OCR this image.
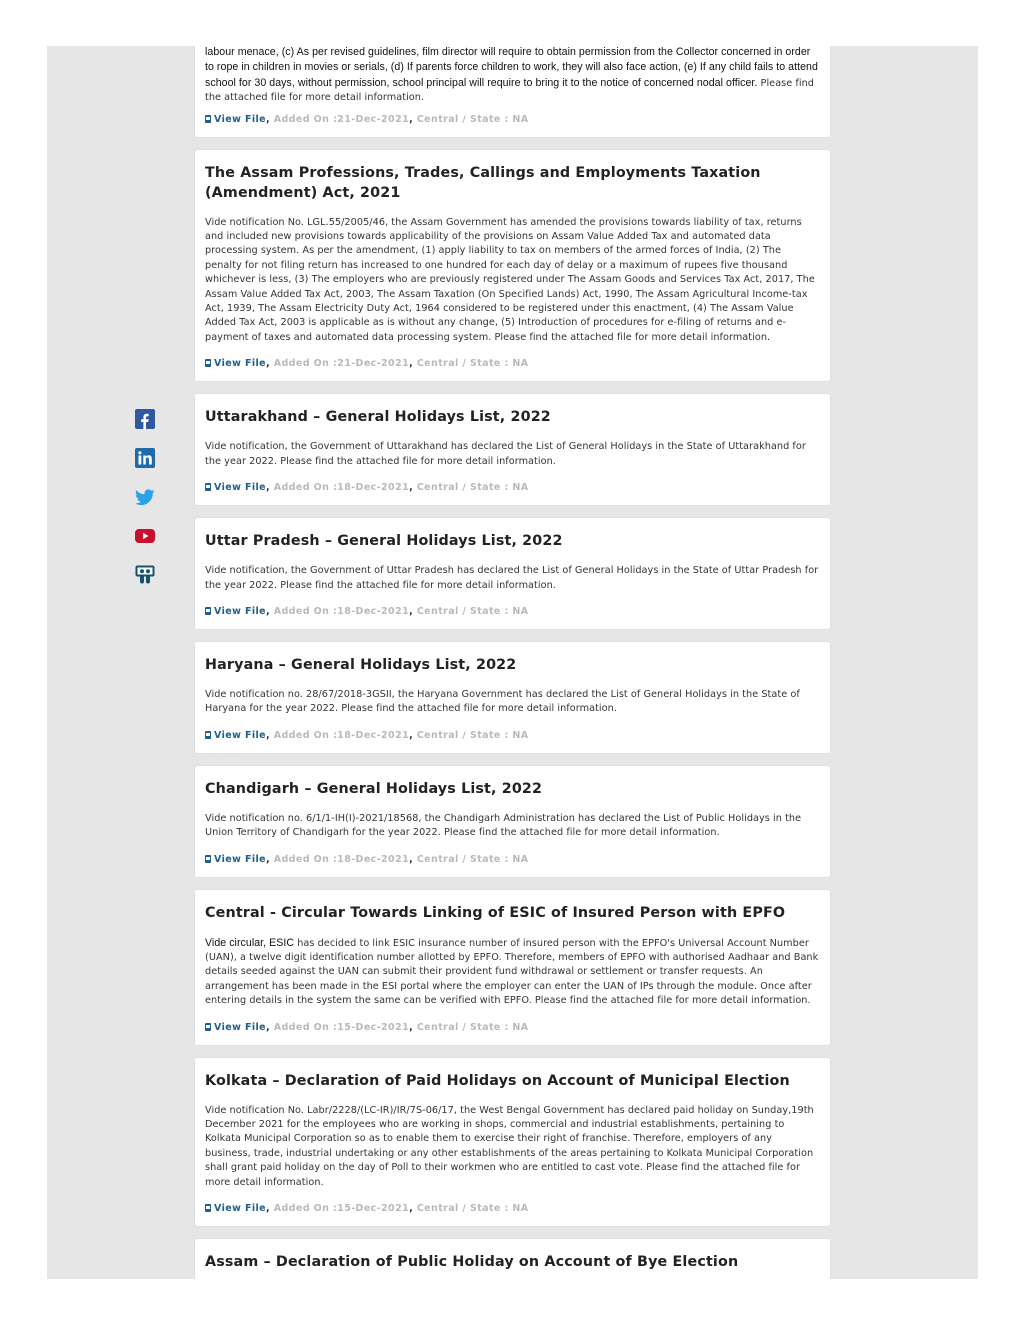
labour menace, (c) As per revised guidelines, film director will require to obtain permission from the Collector concerned in order to rope in children in movies or serials, (d) If parents force children to work, they will also face action, (e) If any child fails to attend school for 30 days, without permission, school principal will require to bring it to the notice of concerned nodal officer. Please find the attached file for more detail information.

View File, Added On :21-Dec-2021, Central / State : NA
The Assam Professions, Trades, Callings and Employments Taxation (Amendment) Act, 2021

Vide notification No. LGL.55/2005/46, the Assam Government has amended the provisions towards liability of tax, returns and included new provisions towards applicability of the provisions on Assam Value Added Tax and automated data processing system. As per the amendment, (1) apply liability to tax on members of the armed forces of India, (2) The penalty for not filing return has increased to one hundred for each day of delay or a maximum of rupees five thousand whichever is less, (3) The employers who are previously registered under The Assam Goods and Services Tax Act, 2017, The Assam Value Added Tax Act, 2003, The Assam Taxation (On Specified Lands) Act, 1990, The Assam Agricultural Income-tax Act, 1939, The Assam Electricity Duty Act, 1964 considered to be registered under this enactment, (4) The Assam Value Added Tax Act, 2003 is applicable as is without any change, (5) Introduction of procedures for e-filing of returns and e-payment of taxes and automated data processing system. Please find the attached file for more detail information.

View File, Added On :21-Dec-2021, Central / State : NA
Uttarakhand – General Holidays List, 2022

Vide notification, the Government of Uttarakhand has declared the List of General Holidays in the State of Uttarakhand for the year 2022. Please find the attached file for more detail information.

View File, Added On :18-Dec-2021, Central / State : NA
Uttar Pradesh – General Holidays List, 2022

Vide notification, the Government of Uttar Pradesh has declared the List of General Holidays in the State of Uttar Pradesh for the year 2022. Please find the attached file for more detail information.

View File, Added On :18-Dec-2021, Central / State : NA
Haryana – General Holidays List, 2022

Vide notification no. 28/67/2018-3GSII, the Haryana Government has declared the List of General Holidays in the State of Haryana for the year 2022. Please find the attached file for more detail information.

View File, Added On :18-Dec-2021, Central / State : NA
Chandigarh – General Holidays List, 2022

Vide notification no. 6/1/1-IH(I)-2021/18568, the Chandigarh Administration has declared the List of Public Holidays in the Union Territory of Chandigarh for the year 2022. Please find the attached file for more detail information.

View File, Added On :18-Dec-2021, Central / State : NA
Central - Circular Towards Linking of ESIC of Insured Person with EPFO

Vide circular, ESIC has decided to link ESIC insurance number of insured person with the EPFO's Universal Account Number (UAN), a twelve digit identification number allotted by EPFO. Therefore, members of EPFO with authorised Aadhaar and Bank details seeded against the UAN can submit their provident fund withdrawal or settlement or transfer requests. An arrangement has been made in the ESI portal where the employer can enter the UAN of IPs through the module. Once after entering details in the system the same can be verified with EPFO. Please find the attached file for more detail information.

View File, Added On :15-Dec-2021, Central / State : NA
Kolkata – Declaration of Paid Holidays on Account of Municipal Election

Vide notification No. Labr/2228/(LC-IR)/IR/7S-06/17, the West Bengal Government has declared paid holiday on Sunday,19th December 2021 for the employees who are working in shops, commercial and industrial establishments, pertaining to Kolkata Municipal Corporation so as to enable them to exercise their right of franchise. Therefore, employers of any business, trade, industrial undertaking or any other establishments of the areas pertaining to Kolkata Municipal Corporation shall grant paid holiday on the day of Poll to their workmen who are entitled to cast vote. Please find the attached file for more detail information.

View File, Added On :15-Dec-2021, Central / State : NA
Assam – Declaration of Public Holiday on Account of Bye Election
